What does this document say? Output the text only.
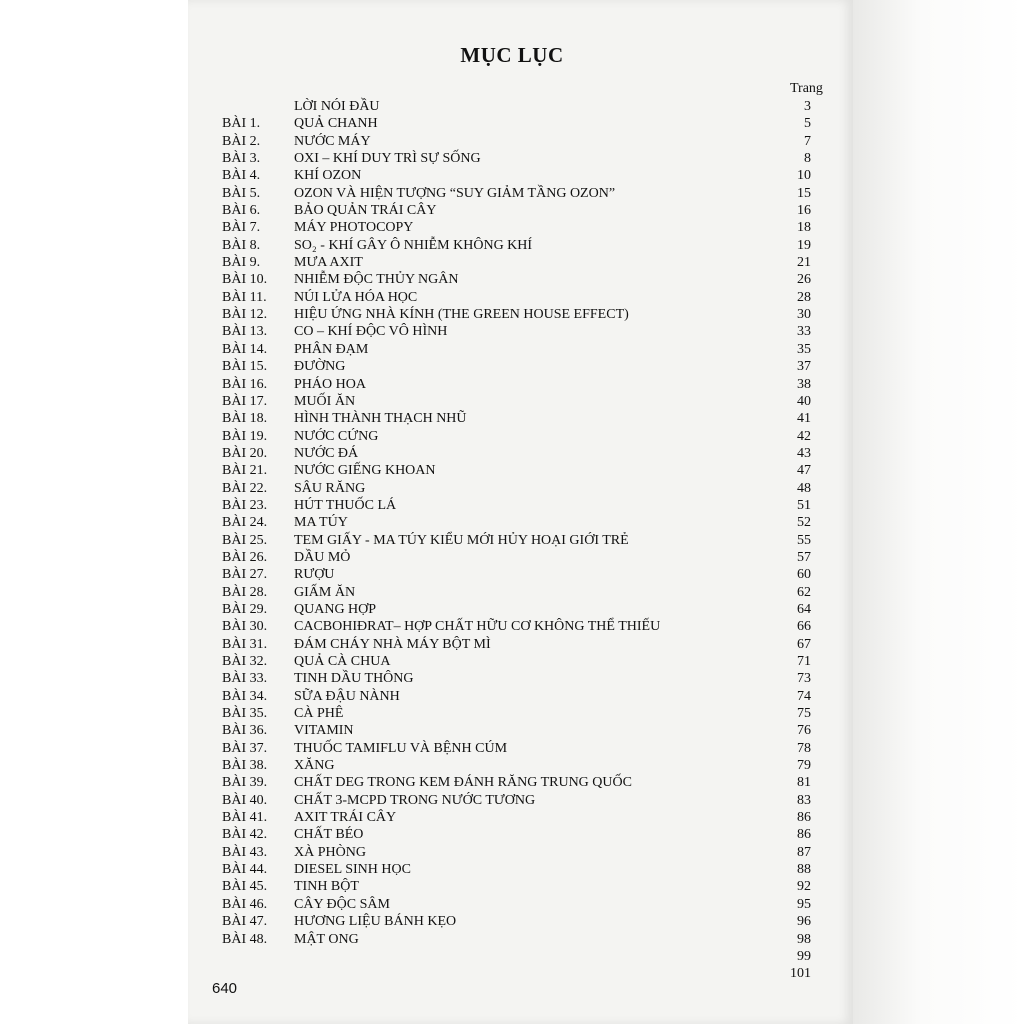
MỤC LỤC
Trang
LỜI NÓI ĐẦU	3
BÀI 1. QUẢ CHANH	5
BÀI 2. NƯỚC MÁY	7
BÀI 3. OXI – KHÍ DUY TRÌ SỰ SỐNG	8
BÀI 4. KHÍ OZON	10
BÀI 5. OZON VÀ HIỆN TƯỢNG “SUY GIẢM TẦNG OZON”	15
BÀI 6. BẢO QUẢN TRÁI CÂY	16
BÀI 7. MÁY PHOTOCOPY	18
BÀI 8. SO₂ - KHÍ GÂY Ô NHIỄM KHÔNG KHÍ	19
BÀI 9. MƯA AXIT	21
BÀI 10. NHIỄM ĐỘC THỦY NGÂN	26
BÀI 11. NÚI LỬA HÓA HỌC	28
BÀI 12. HIỆU ỨNG NHÀ KÍNH (THE GREEN HOUSE EFFECT)	30
BÀI 13. CO – KHÍ ĐỘC VÔ HÌNH	33
BÀI 14. PHÂN ĐẠM	35
BÀI 15. ĐƯỜNG	37
BÀI 16. PHÁO HOA	38
BÀI 17. MUỐI ĂN	40
BÀI 18. HÌNH THÀNH THẠCH NHŨ	41
BÀI 19. NƯỚC CỨNG	42
BÀI 20. NƯỚC ĐÁ	43
BÀI 21. NƯỚC GIẾNG KHOAN	47
BÀI 22. SÂU RĂNG	48
BÀI 23. HÚT THUỐC LÁ	51
BÀI 24. MA TÚY	52
BÀI 25. TEM GIẤY - MA TÚY KIỂU MỚI HỦY HOẠI GIỚI TRẺ	55
BÀI 26. DẦU MỎ	57
BÀI 27. RƯỢU	60
BÀI 28. GIẤM ĂN	62
BÀI 29. QUANG HỢP	64
BÀI 30. CACBOHIĐRAT– HỢP CHẤT HỮU CƠ KHÔNG THỂ THIẾU	66
BÀI 31. ĐÁM CHÁY NHÀ MÁY BỘT MÌ	67
BÀI 32. QUẢ CÀ CHUA	71
BÀI 33. TINH DẦU THÔNG	73
BÀI 34. SỮA ĐẬU NÀNH	74
BÀI 35. CÀ PHÊ	75
BÀI 36. VITAMIN	76
BÀI 37. THUỐC TAMIFLU VÀ BỆNH CÚM	78
BÀI 38. XĂNG	79
BÀI 39. CHẤT DEG TRONG KEM ĐÁNH RĂNG TRUNG QUỐC	81
BÀI 40. CHẤT 3-MCPD TRONG NƯỚC TƯƠNG	83
BÀI 41. AXIT TRÁI CÂY	86
BÀI 42. CHẤT BÉO	86
BÀI 43. XÀ PHÒNG	87
BÀI 44. DIESEL SINH HỌC	88
BÀI 45. TINH BỘT	92
BÀI 46. CÂY ĐỘC SÂM	95
BÀI 47. HƯƠNG LIỆU BÁNH KẸO	96
BÀI 48. MẬT ONG	98
99
101
640
